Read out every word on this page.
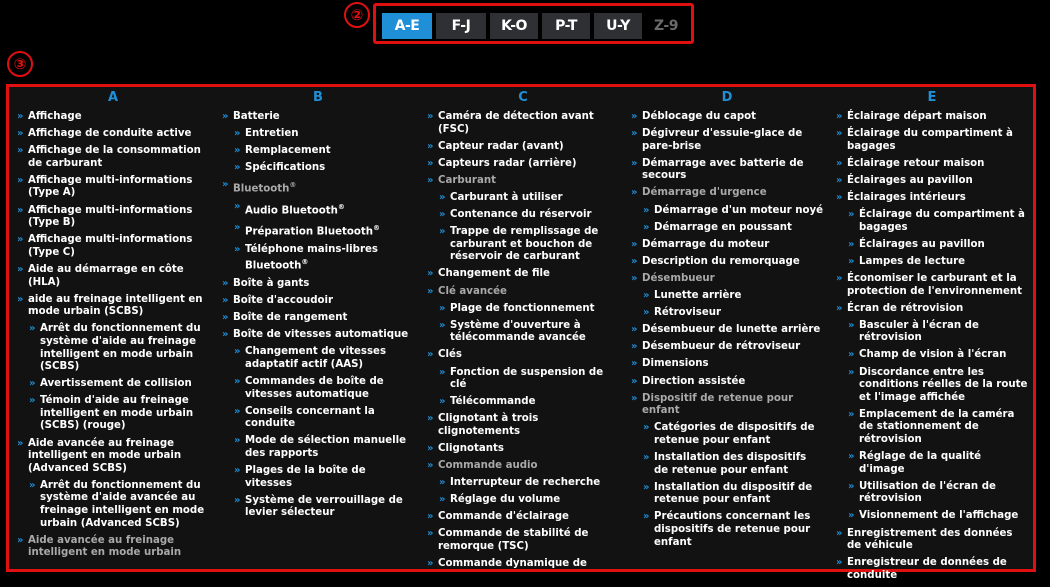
②
③
A-E	F-J	K-O	P-T	U-Y	Z-9
A
» Affichage
» Affichage de conduite active
» Affichage de la consommation de carburant
» Affichage multi-informations (Type A)
» Affichage multi-informations (Type B)
» Affichage multi-informations (Type C)
» Aide au démarrage en côte (HLA)
» aide au freinage intelligent en mode urbain (SCBS)
» Arrêt du fonctionnement du système d'aide au freinage intelligent en mode urbain (SCBS)
» Avertissement de collision
» Témoin d'aide au freinage intelligent en mode urbain (SCBS) (rouge)
» Aide avancée au freinage intelligent en mode urbain (Advanced SCBS)
» Arrêt du fonctionnement du système d'aide avancée au freinage intelligent en mode urbain (Advanced SCBS)
» Aide avancée au freinage intelligent en mode urbain
B
» Batterie
» Entretien
» Remplacement
» Spécifications
» Bluetooth®
» Audio Bluetooth®
» Préparation Bluetooth®
» Téléphone mains-libres Bluetooth®
» Boîte à gants
» Boîte d'accoudoir
» Boîte de rangement
» Boîte de vitesses automatique
» Changement de vitesses adaptatif actif (AAS)
» Commandes de boîte de vitesses automatique
» Conseils concernant la conduite
» Mode de sélection manuelle des rapports
» Plages de la boîte de vitesses
» Système de verrouillage de levier sélecteur
C
» Caméra de détection avant (FSC)
» Capteur radar (avant)
» Capteurs radar (arrière)
» Carburant
» Carburant à utiliser
» Contenance du réservoir
» Trappe de remplissage de carburant et bouchon de réservoir de carburant
» Changement de file
» Clé avancée
» Plage de fonctionnement
» Système d'ouverture à télécommande avancée
» Clés
» Fonction de suspension de clé
» Télécommande
» Clignotant à trois clignotements
» Clignotants
» Commande audio
» Interrupteur de recherche
» Réglage du volume
» Commande d'éclairage
» Commande de stabilité de remorque (TSC)
» Commande dynamique de
D
» Déblocage du capot
» Dégivreur d'essuie-glace de pare-brise
» Démarrage avec batterie de secours
» Démarrage d'urgence
» Démarrage d'un moteur noyé
» Démarrage en poussant
» Démarrage du moteur
» Description du remorquage
» Désembueur
» Lunette arrière
» Rétroviseur
» Désembueur de lunette arrière
» Désembueur de rétroviseur
» Dimensions
» Direction assistée
» Dispositif de retenue pour enfant
» Catégories de dispositifs de retenue pour enfant
» Installation des dispositifs de retenue pour enfant
» Installation du dispositif de retenue pour enfant
» Précautions concernant les dispositifs de retenue pour enfant
E
» Éclairage départ maison
» Éclairage du compartiment à bagages
» Éclairage retour maison
» Éclairages au pavillon
» Éclairages intérieurs
» Éclairage du compartiment à bagages
» Éclairages au pavillon
» Lampes de lecture
» Économiser le carburant et la protection de l'environnement
» Écran de rétrovision
» Basculer à l'écran de rétrovision
» Champ de vision à l'écran
» Discordance entre les conditions réelles de la route et l'image affichée
» Emplacement de la caméra de stationnement de rétrovision
» Réglage de la qualité d'image
» Utilisation de l'écran de rétrovision
» Visionnement de l'affichage
» Enregistrement des données de véhicule
» Enregistreur de données de conduite
